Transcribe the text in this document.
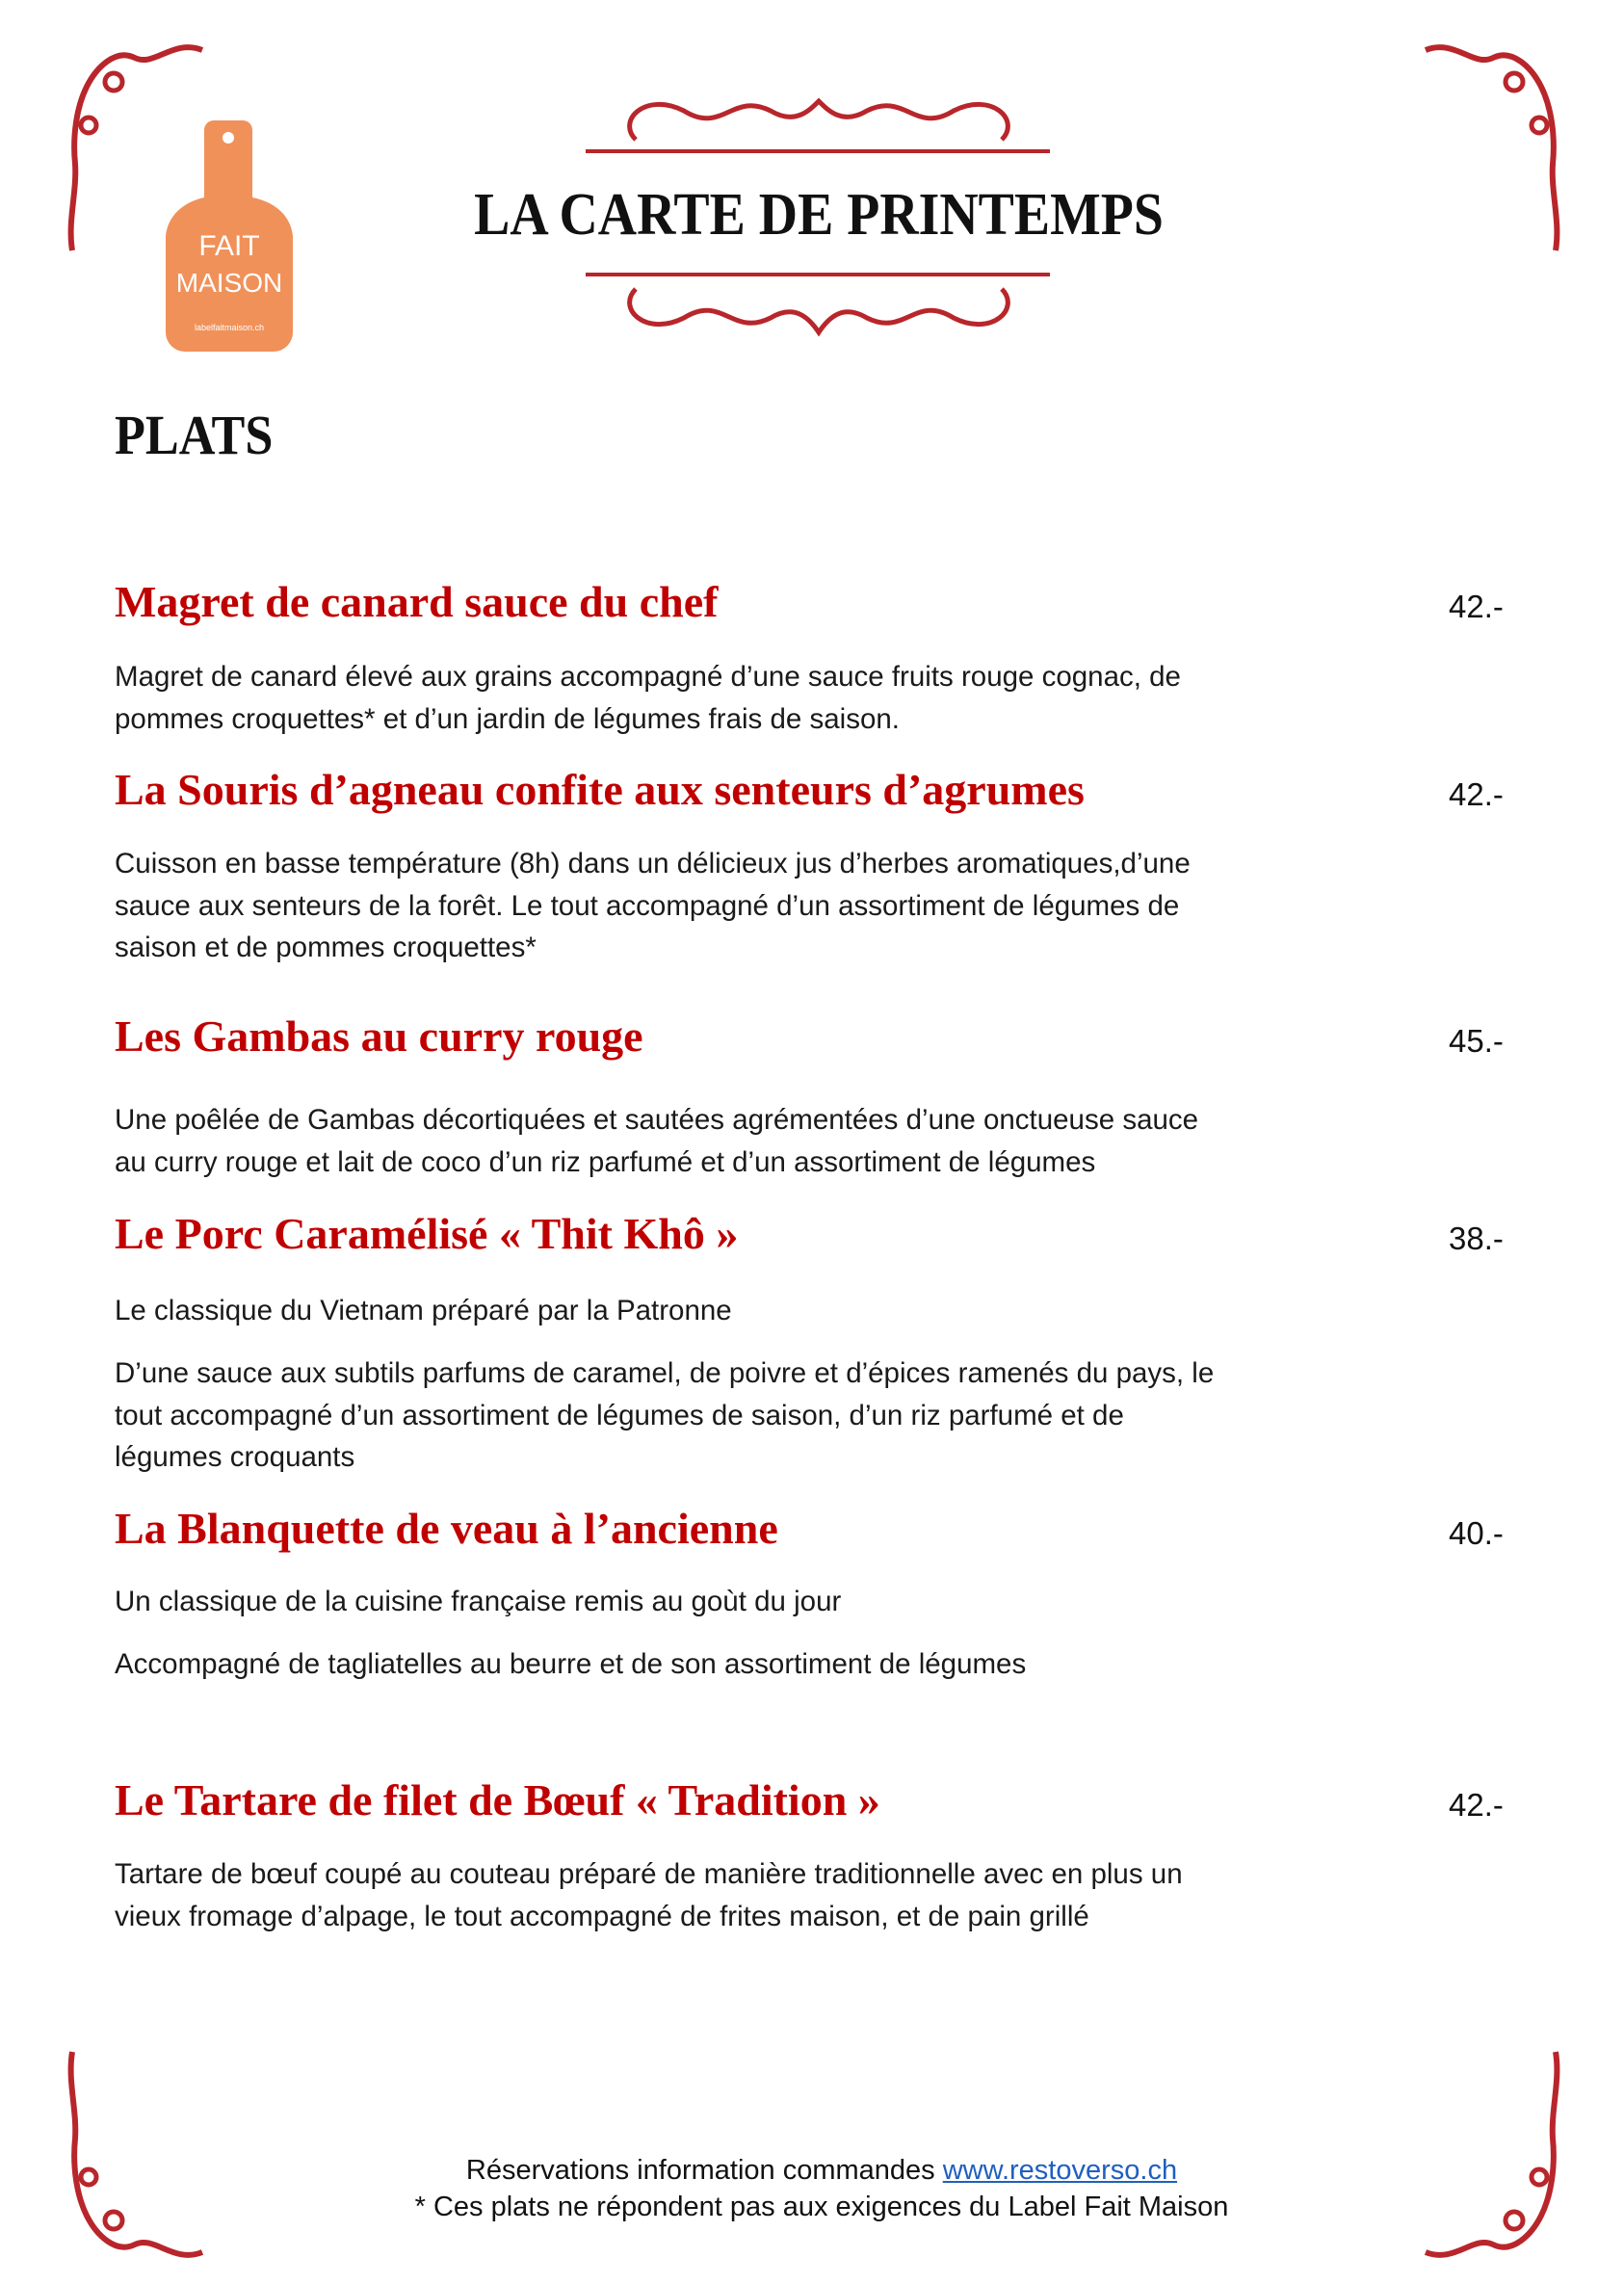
FAIT
MAISON
labelfaitmaison.ch
LA CARTE DE PRINTEMPS
PLATS
Magret de canard sauce du chef	42.-

Magret de canard élevé aux grains accompagné d’une sauce fruits rouge cognac, de

pommes croquettes* et d’un jardin de légumes frais de saison.

La Souris d’agneau confite aux senteurs d’agrumes	42.-

Cuisson en basse température (8h) dans un délicieux jus d’herbes aromatiques,d’une

sauce aux senteurs de la forêt. Le tout accompagné d’un assortiment de légumes de

saison et de pommes croquettes*

Les Gambas au curry rouge	45.-

Une poêlée de Gambas décortiquées et sautées agrémentées d’une onctueuse sauce

au curry rouge et lait de coco d’un riz parfumé et d’un assortiment de légumes

Le Porc Caramélisé « Thit Khô »	38.-

Le classique du Vietnam préparé par la Patronne

D’une sauce aux subtils parfums de caramel, de poivre et d’épices ramenés du pays, le

tout accompagné d’un assortiment de légumes de saison, d’un riz parfumé et de

légumes croquants

La Blanquette de veau à l’ancienne	40.-

Un classique de la cuisine française remis au goùt du jour

Accompagné de tagliatelles au beurre et de son assortiment de légumes

Le Tartare de filet de Bœuf « Tradition »	42.-

Tartare de bœuf coupé au couteau préparé de manière traditionnelle avec en plus un

vieux fromage d’alpage, le tout accompagné de frites maison, et de pain grillé

Réservations information commandes www.restoverso.ch
* Ces plats ne répondent pas aux exigences du Label Fait Maison
